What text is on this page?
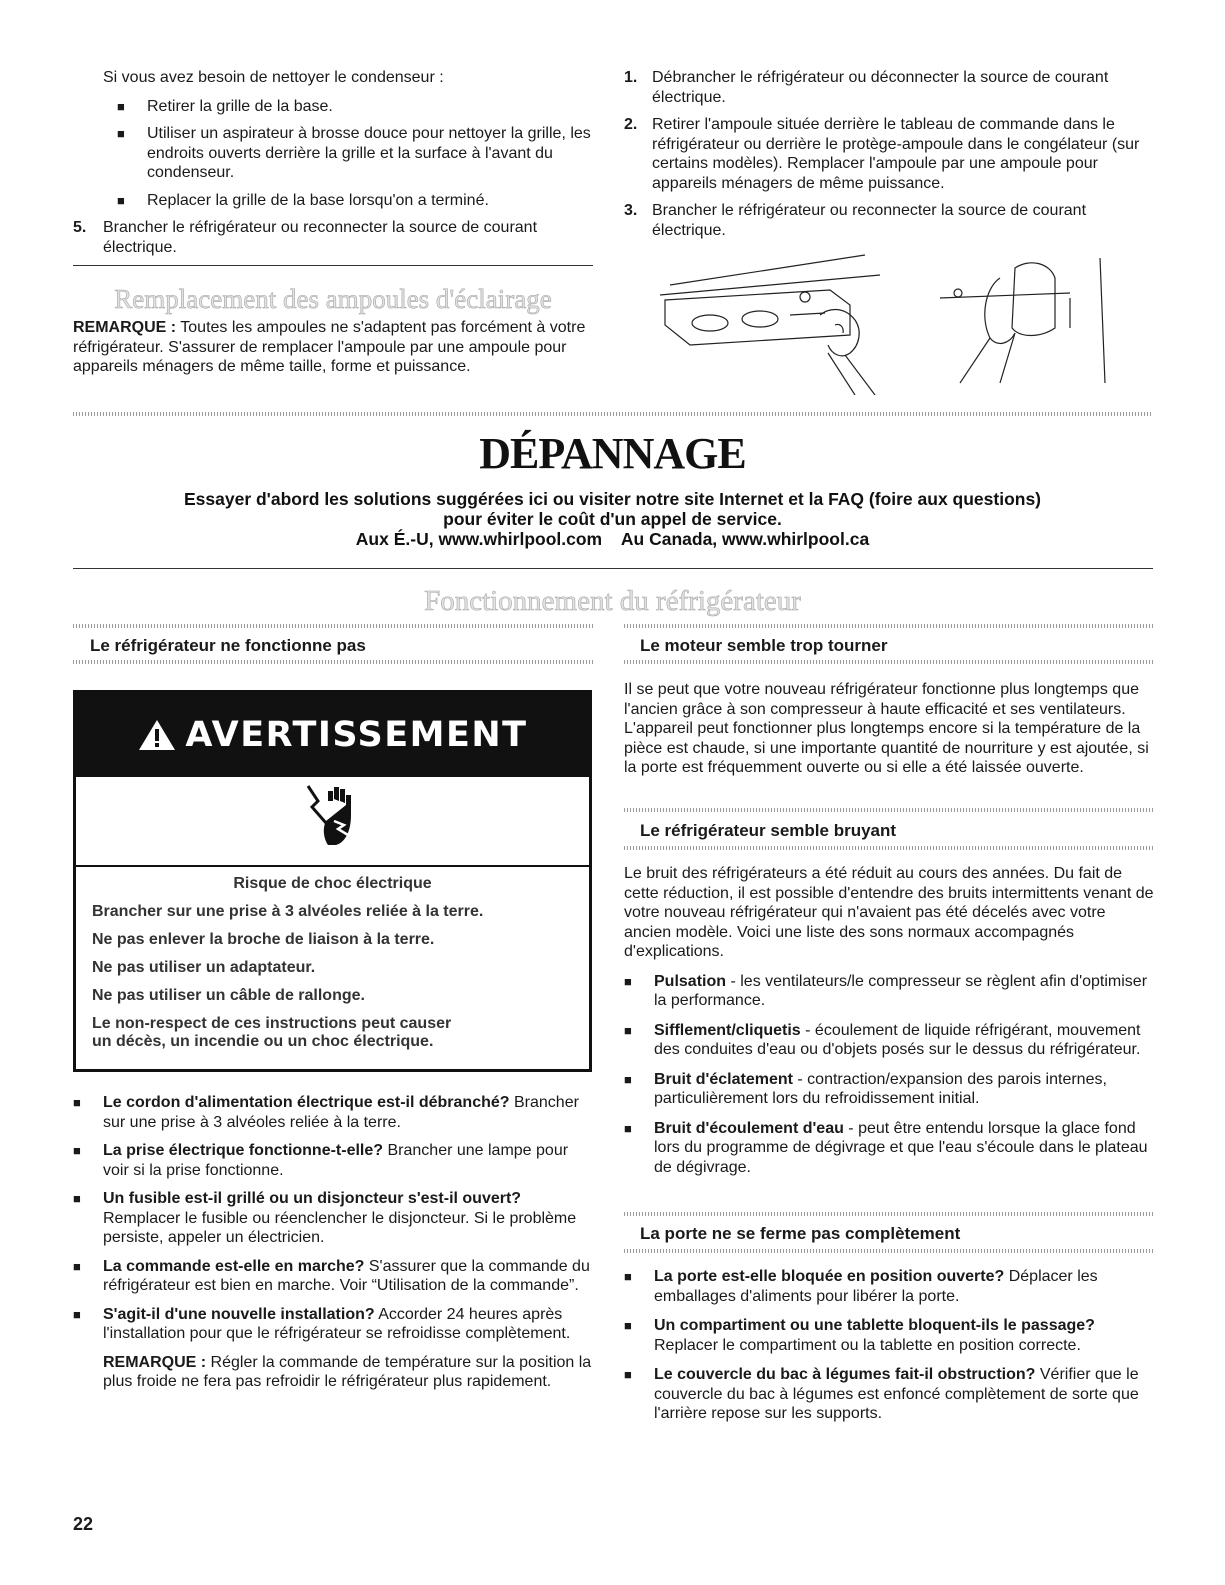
Si vous avez besoin de nettoyer le condenseur :

■ Retirer la grille de la base.
■ Utiliser un aspirateur à brosse douce pour nettoyer la grille, les endroits ouverts derrière la grille et la surface à l'avant du condenseur.
■ Replacer la grille de la base lorsqu'on a terminé.
5. Brancher le réfrigérateur ou reconnecter la source de courant électrique.
Remplacement des ampoules d'éclairage
REMARQUE : Toutes les ampoules ne s'adaptent pas forcément à votre réfrigérateur. S'assurer de remplacer l'ampoule par une ampoule pour appareils ménagers de même taille, forme et puissance.
1. Débrancher le réfrigérateur ou déconnecter la source de courant électrique.
2. Retirer l'ampoule située derrière le tableau de commande dans le réfrigérateur ou derrière le protège-ampoule dans le congélateur (sur certains modèles). Remplacer l'ampoule par une ampoule pour appareils ménagers de même puissance.
3. Brancher le réfrigérateur ou reconnecter la source de courant électrique.
DÉPANNAGE
Essayer d'abord les solutions suggérées ici ou visiter notre site Internet et la FAQ (foire aux questions)
pour éviter le coût d'un appel de service.
Aux É.-U, www.whirlpool.com    Au Canada, www.whirlpool.ca
Fonctionnement du réfrigérateur
Le réfrigérateur ne fonctionne pas
AVERTISSEMENT

Risque de choc électrique

Brancher sur une prise à 3 alvéoles reliée à la terre.

Ne pas enlever la broche de liaison à la terre.

Ne pas utiliser un adaptateur.

Ne pas utiliser un câble de rallonge.

Le non-respect de ces instructions peut causer

un décès, un incendie ou un choc électrique.

■ Le cordon d'alimentation électrique est-il débranché? Brancher sur une prise à 3 alvéoles reliée à la terre.
■ La prise électrique fonctionne-t-elle? Brancher une lampe pour voir si la prise fonctionne.
■ Un fusible est-il grillé ou un disjoncteur s'est-il ouvert? Remplacer le fusible ou réenclencher le disjoncteur. Si le problème persiste, appeler un électricien.
■ La commande est-elle en marche? S'assurer que la commande du réfrigérateur est bien en marche. Voir “Utilisation de la commande”.
■ S'agit-il d'une nouvelle installation? Accorder 24 heures après l'installation pour que le réfrigérateur se refroidisse complètement.

REMARQUE : Régler la commande de température sur la position la plus froide ne fera pas refroidir le réfrigérateur plus rapidement.

Le moteur semble trop tourner
Il se peut que votre nouveau réfrigérateur fonctionne plus longtemps que l'ancien grâce à son compresseur à haute efficacité et ses ventilateurs. L'appareil peut fonctionner plus longtemps encore si la température de la pièce est chaude, si une importante quantité de nourriture y est ajoutée, si la porte est fréquemment ouverte ou si elle a été laissée ouverte.
Le réfrigérateur semble bruyant

Le bruit des réfrigérateurs a été réduit au cours des années. Du fait de cette réduction, il est possible d'entendre des bruits intermittents venant de votre nouveau réfrigérateur qui n'avaient pas été décelés avec votre ancien modèle. Voici une liste des sons normaux accompagnés d'explications.

■ Pulsation - les ventilateurs/le compresseur se règlent afin d'optimiser la performance.
■ Sifflement/cliquetis - écoulement de liquide réfrigérant, mouvement des conduites d'eau ou d'objets posés sur le dessus du réfrigérateur.
■ Bruit d'éclatement - contraction/expansion des parois internes, particulièrement lors du refroidissement initial.
■ Bruit d'écoulement d'eau - peut être entendu lorsque la glace fond lors du programme de dégivrage et que l'eau s'écoule dans le plateau de dégivrage.
La porte ne se ferme pas complètement
■ La porte est-elle bloquée en position ouverte? Déplacer les emballages d'aliments pour libérer la porte.
■ Un compartiment ou une tablette bloquent-ils le passage? Replacer le compartiment ou la tablette en position correcte.
■ Le couvercle du bac à légumes fait-il obstruction? Vérifier que le couvercle du bac à légumes est enfoncé complètement de sorte que l'arrière repose sur les supports.
22
